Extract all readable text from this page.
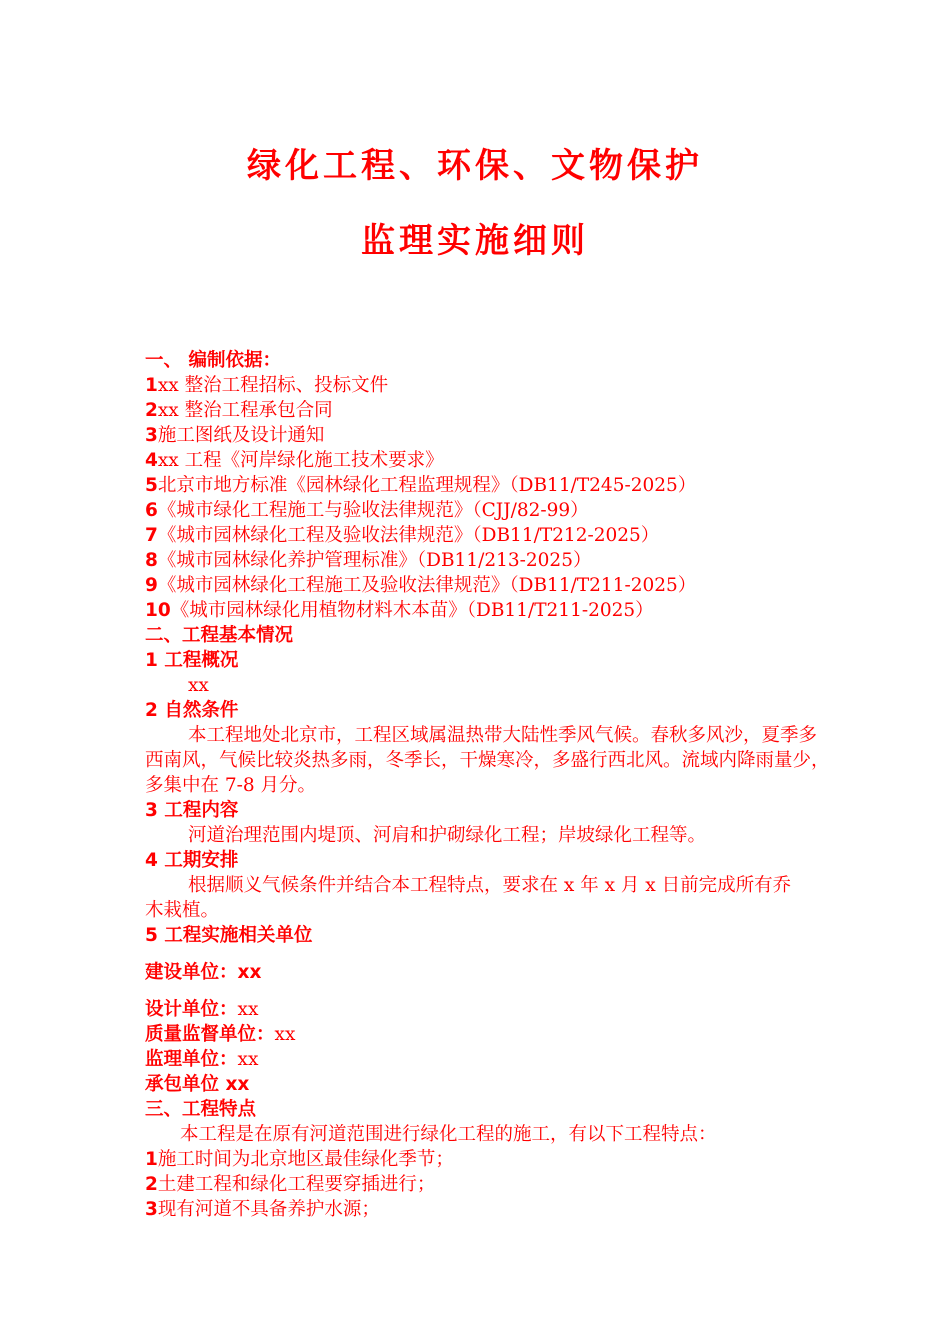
绿化工程、环保、文物保护
监理实施细则

一、 编制依据：

1xx 整治工程招标、投标文件

2xx 整治工程承包合同

3施工图纸及设计通知

4xx 工程《河岸绿化施工技术要求》

5北京市地方标准《园林绿化工程监理规程》（DB11/T245-2025）

6《城市绿化工程施工与验收法律规范》（CJJ/82-99）

7《城市园林绿化工程及验收法律规范》（DB11/T212-2025）

8《城市园林绿化养护管理标准》（DB11/213-2025）

9《城市园林绿化工程施工及验收法律规范》（DB11/T211-2025）

10《城市园林绿化用植物材料木本苗》（DB11/T211-2025）

二、工程基本情况

1 工程概况

xx

2 自然条件

本工程地处北京市，工程区域属温热带大陆性季风气候。春秋多风沙，夏季多西南风，气候比较炎热多雨，冬季长，干燥寒冷，多盛行西北风。流域内降雨量少，多集中在 7-8 月分。

3 工程内容

河道治理范围内堤顶、河肩和护砌绿化工程；岸坡绿化工程等。

4 工期安排

根据顺义气候条件并结合本工程特点，要求在 x 年 x 月 x 日前完成所有乔木栽植。

5 工程实施相关单位

建设单位：xx

设计单位：xx

质量监督单位：xx

监理单位：xx

承包单位 xx

三、工程特点

本工程是在原有河道范围进行绿化工程的施工，有以下工程特点：

1施工时间为北京地区最佳绿化季节；

2土建工程和绿化工程要穿插进行；

3现有河道不具备养护水源；
